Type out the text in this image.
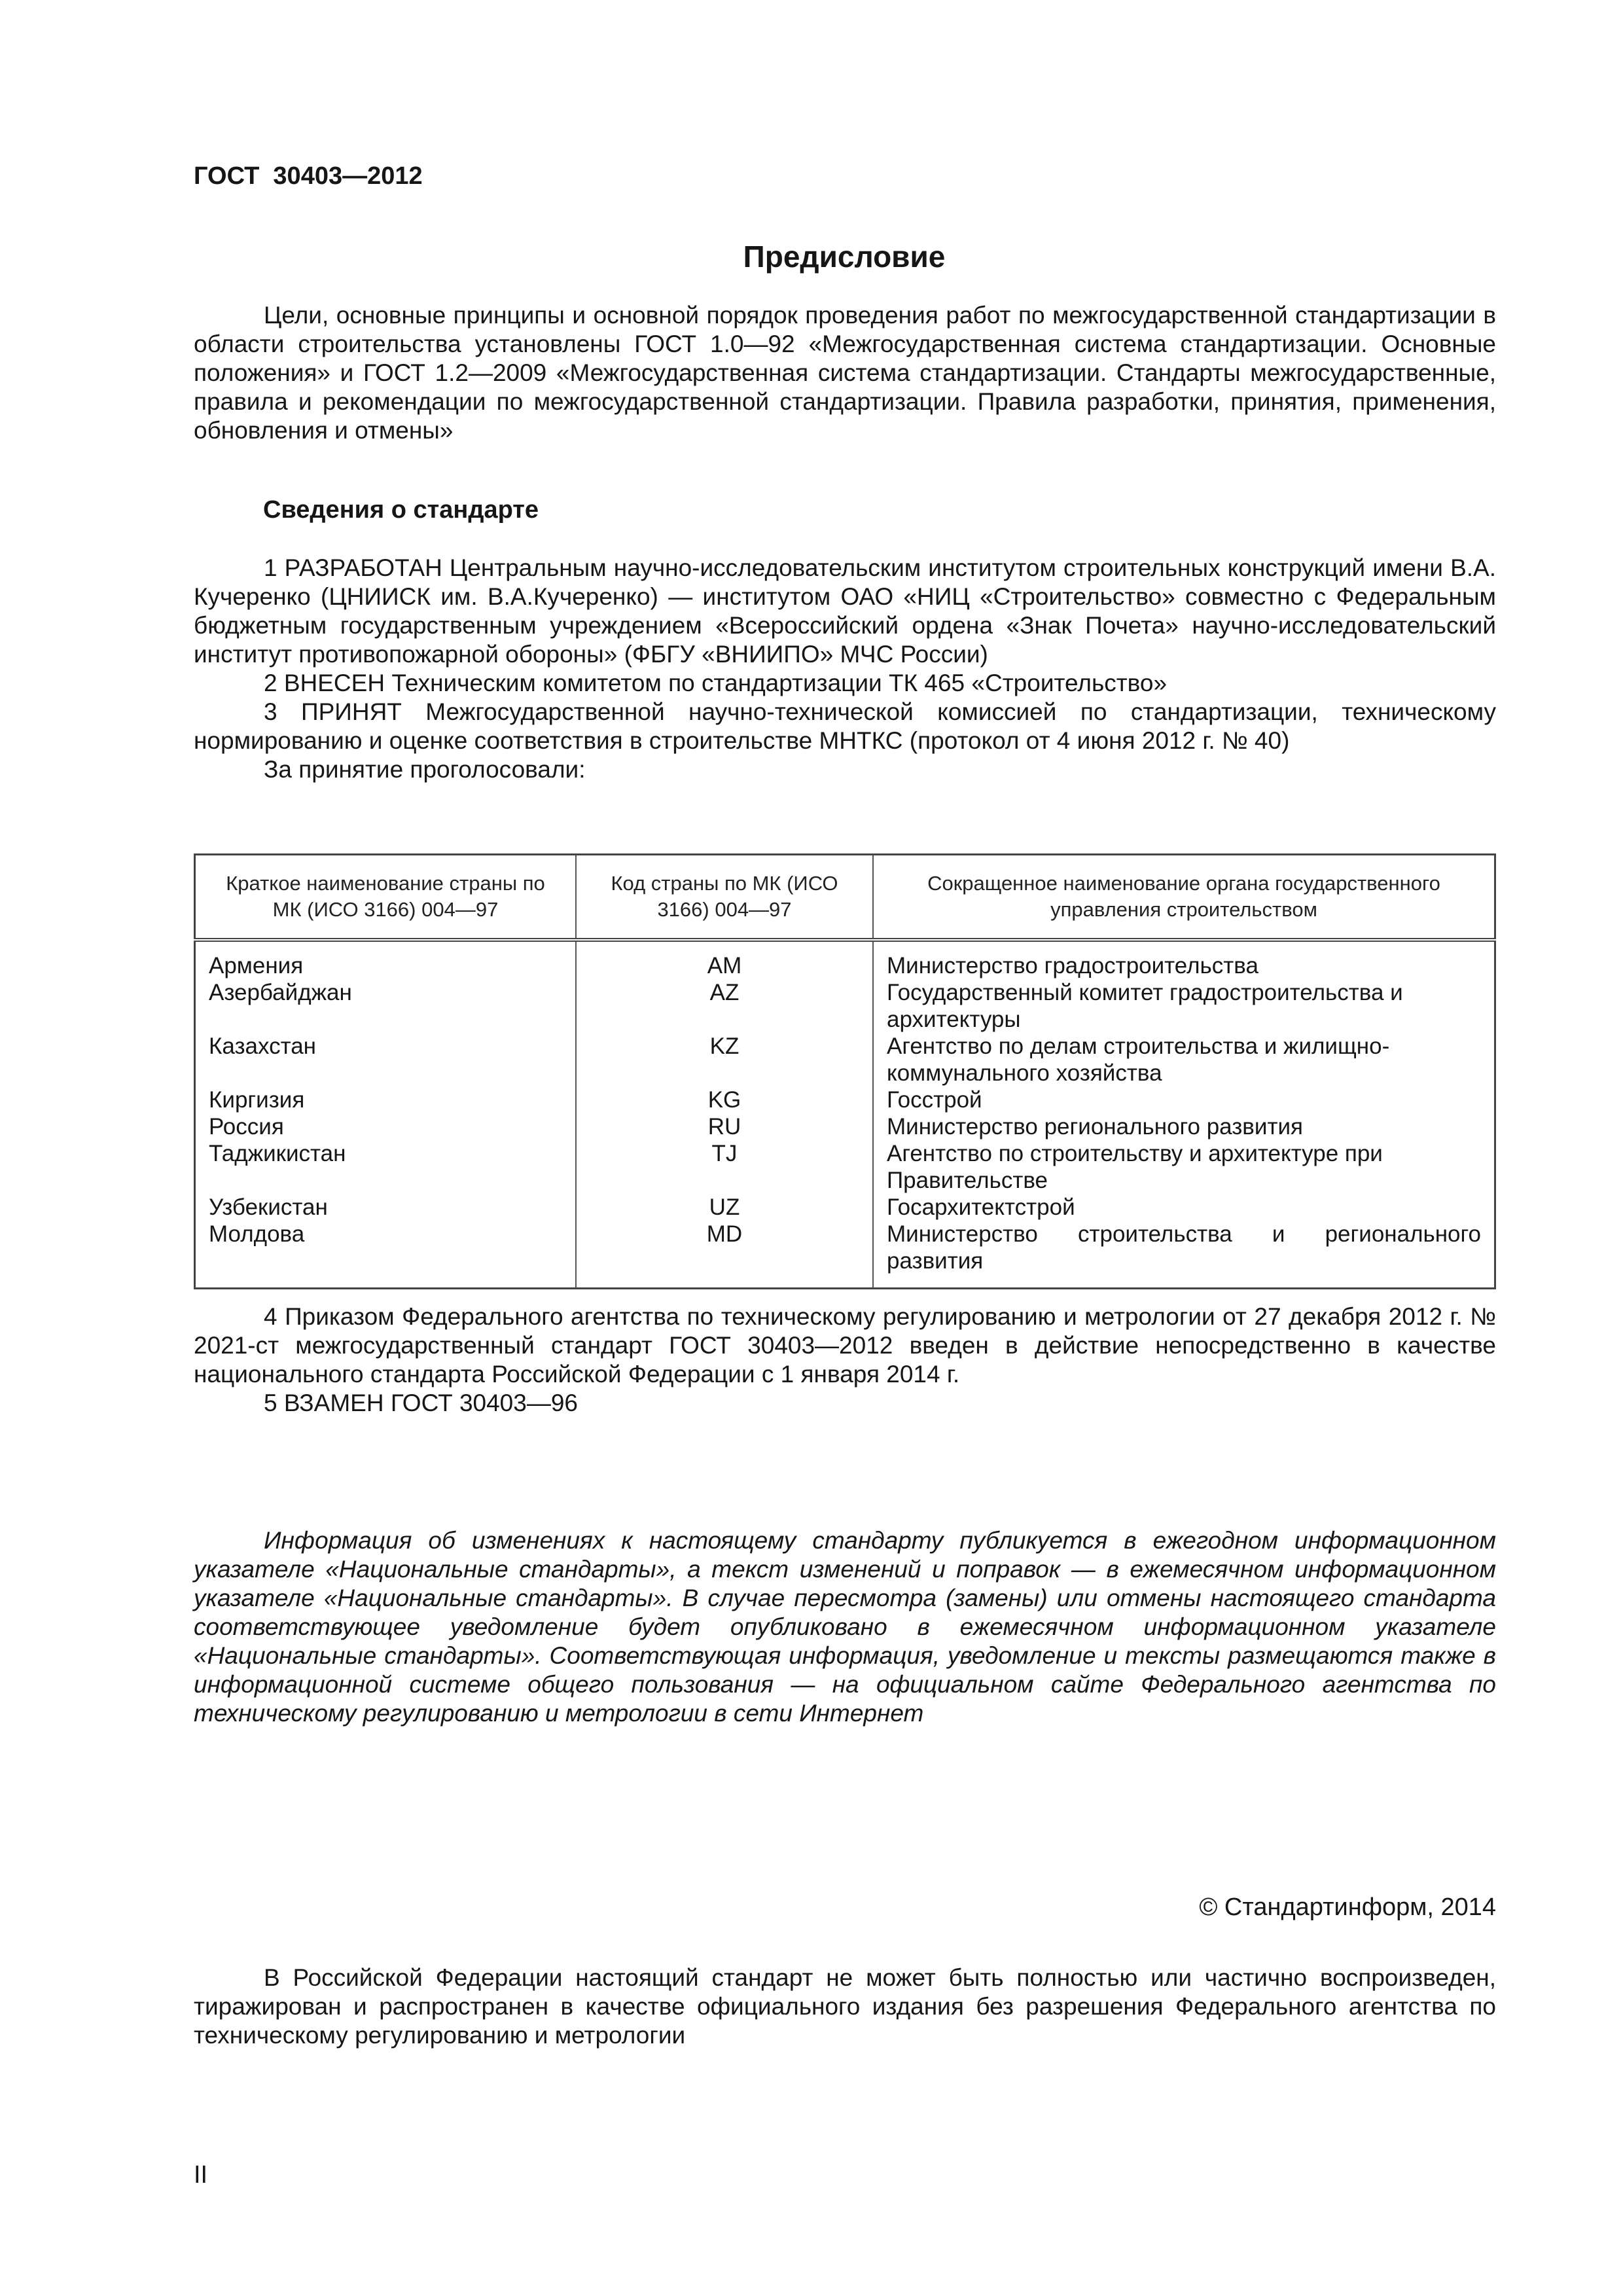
ГОСТ  30403—2012
Предисловие

Цели, основные принципы и основной порядок проведения работ по межгосударственной стандартизации в области строительства установлены ГОСТ 1.0—92 «Межгосударственная система стандартизации. Основные положения» и ГОСТ 1.2—2009 «Межгосударственная система стандартизации. Стандарты межгосударственные, правила и рекомендации по межгосударственной стандартизации. Правила разработки, принятия, применения, обновления и отмены»

Сведения о стандарте

1 РАЗРАБОТАН Центральным научно-исследовательским институтом строительных конструкций имени В.А. Кучеренко (ЦНИИСК им. В.А.Кучеренко) — институтом ОАО «НИЦ «Строительство» совместно с Федеральным бюджетным государственным учреждением «Всероссийский ордена «Знак Почета» научно-исследовательский институт противопожарной обороны» (ФБГУ «ВНИИПО» МЧС России)

2 ВНЕСЕН Техническим комитетом по стандартизации ТК 465 «Строительство»

3 ПРИНЯТ Межгосударственной научно-технической комиссией по стандартизации, техническому нормированию и оценке соответствия в строительстве МНТКС (протокол от 4 июня 2012 г. № 40)

За принятие проголосовали:

Краткое наименование страны по МК (ИСО 3166) 004—97	Код страны по МК (ИСО 3166) 004—97	Сокращенное наименование органа государственного управления строительством
Армения	AM	Министерство градостроительства
Азербайджан	AZ	Государственный комитет градостроительства и архитектуры
Казахстан	KZ	Агентство по делам строительства и жилищно-коммунального хозяйства
Киргизия	KG	Госстрой
Россия	RU	Министерство регионального развития
Таджикистан	TJ	Агентство по строительству и архитектуре при Правительстве
Узбекистан	UZ	Госархитектстрой
Молдова	MD	Министерство строительства и регионального развития

4 Приказом Федерального агентства по техническому регулированию и метрологии от 27 декабря 2012 г. № 2021-ст межгосударственный стандарт ГОСТ 30403—2012 введен в действие непосредственно в качестве национального стандарта Российской Федерации с 1 января 2014 г.

5 ВЗАМЕН ГОСТ 30403—96

Информация об изменениях к настоящему стандарту публикуется в ежегодном информационном указателе «Национальные стандарты», а текст изменений и поправок — в ежемесячном информационном указателе «Национальные стандарты». В случае пересмотра (замены) или отмены настоящего стандарта соответствующее уведомление будет опубликовано в ежемесячном информационном указателе «Национальные стандарты». Соответствующая информация, уведомление и тексты размещаются также в информационной системе общего пользования — на официальном сайте Федерального агентства по техническому регулированию и метрологии в сети Интернет

© Стандартинформ, 2014

В Российской Федерации настоящий стандарт не может быть полностью или частично воспроизведен, тиражирован и распространен в качестве официального издания без разрешения Федерального агентства по техническому регулированию и метрологии

II
